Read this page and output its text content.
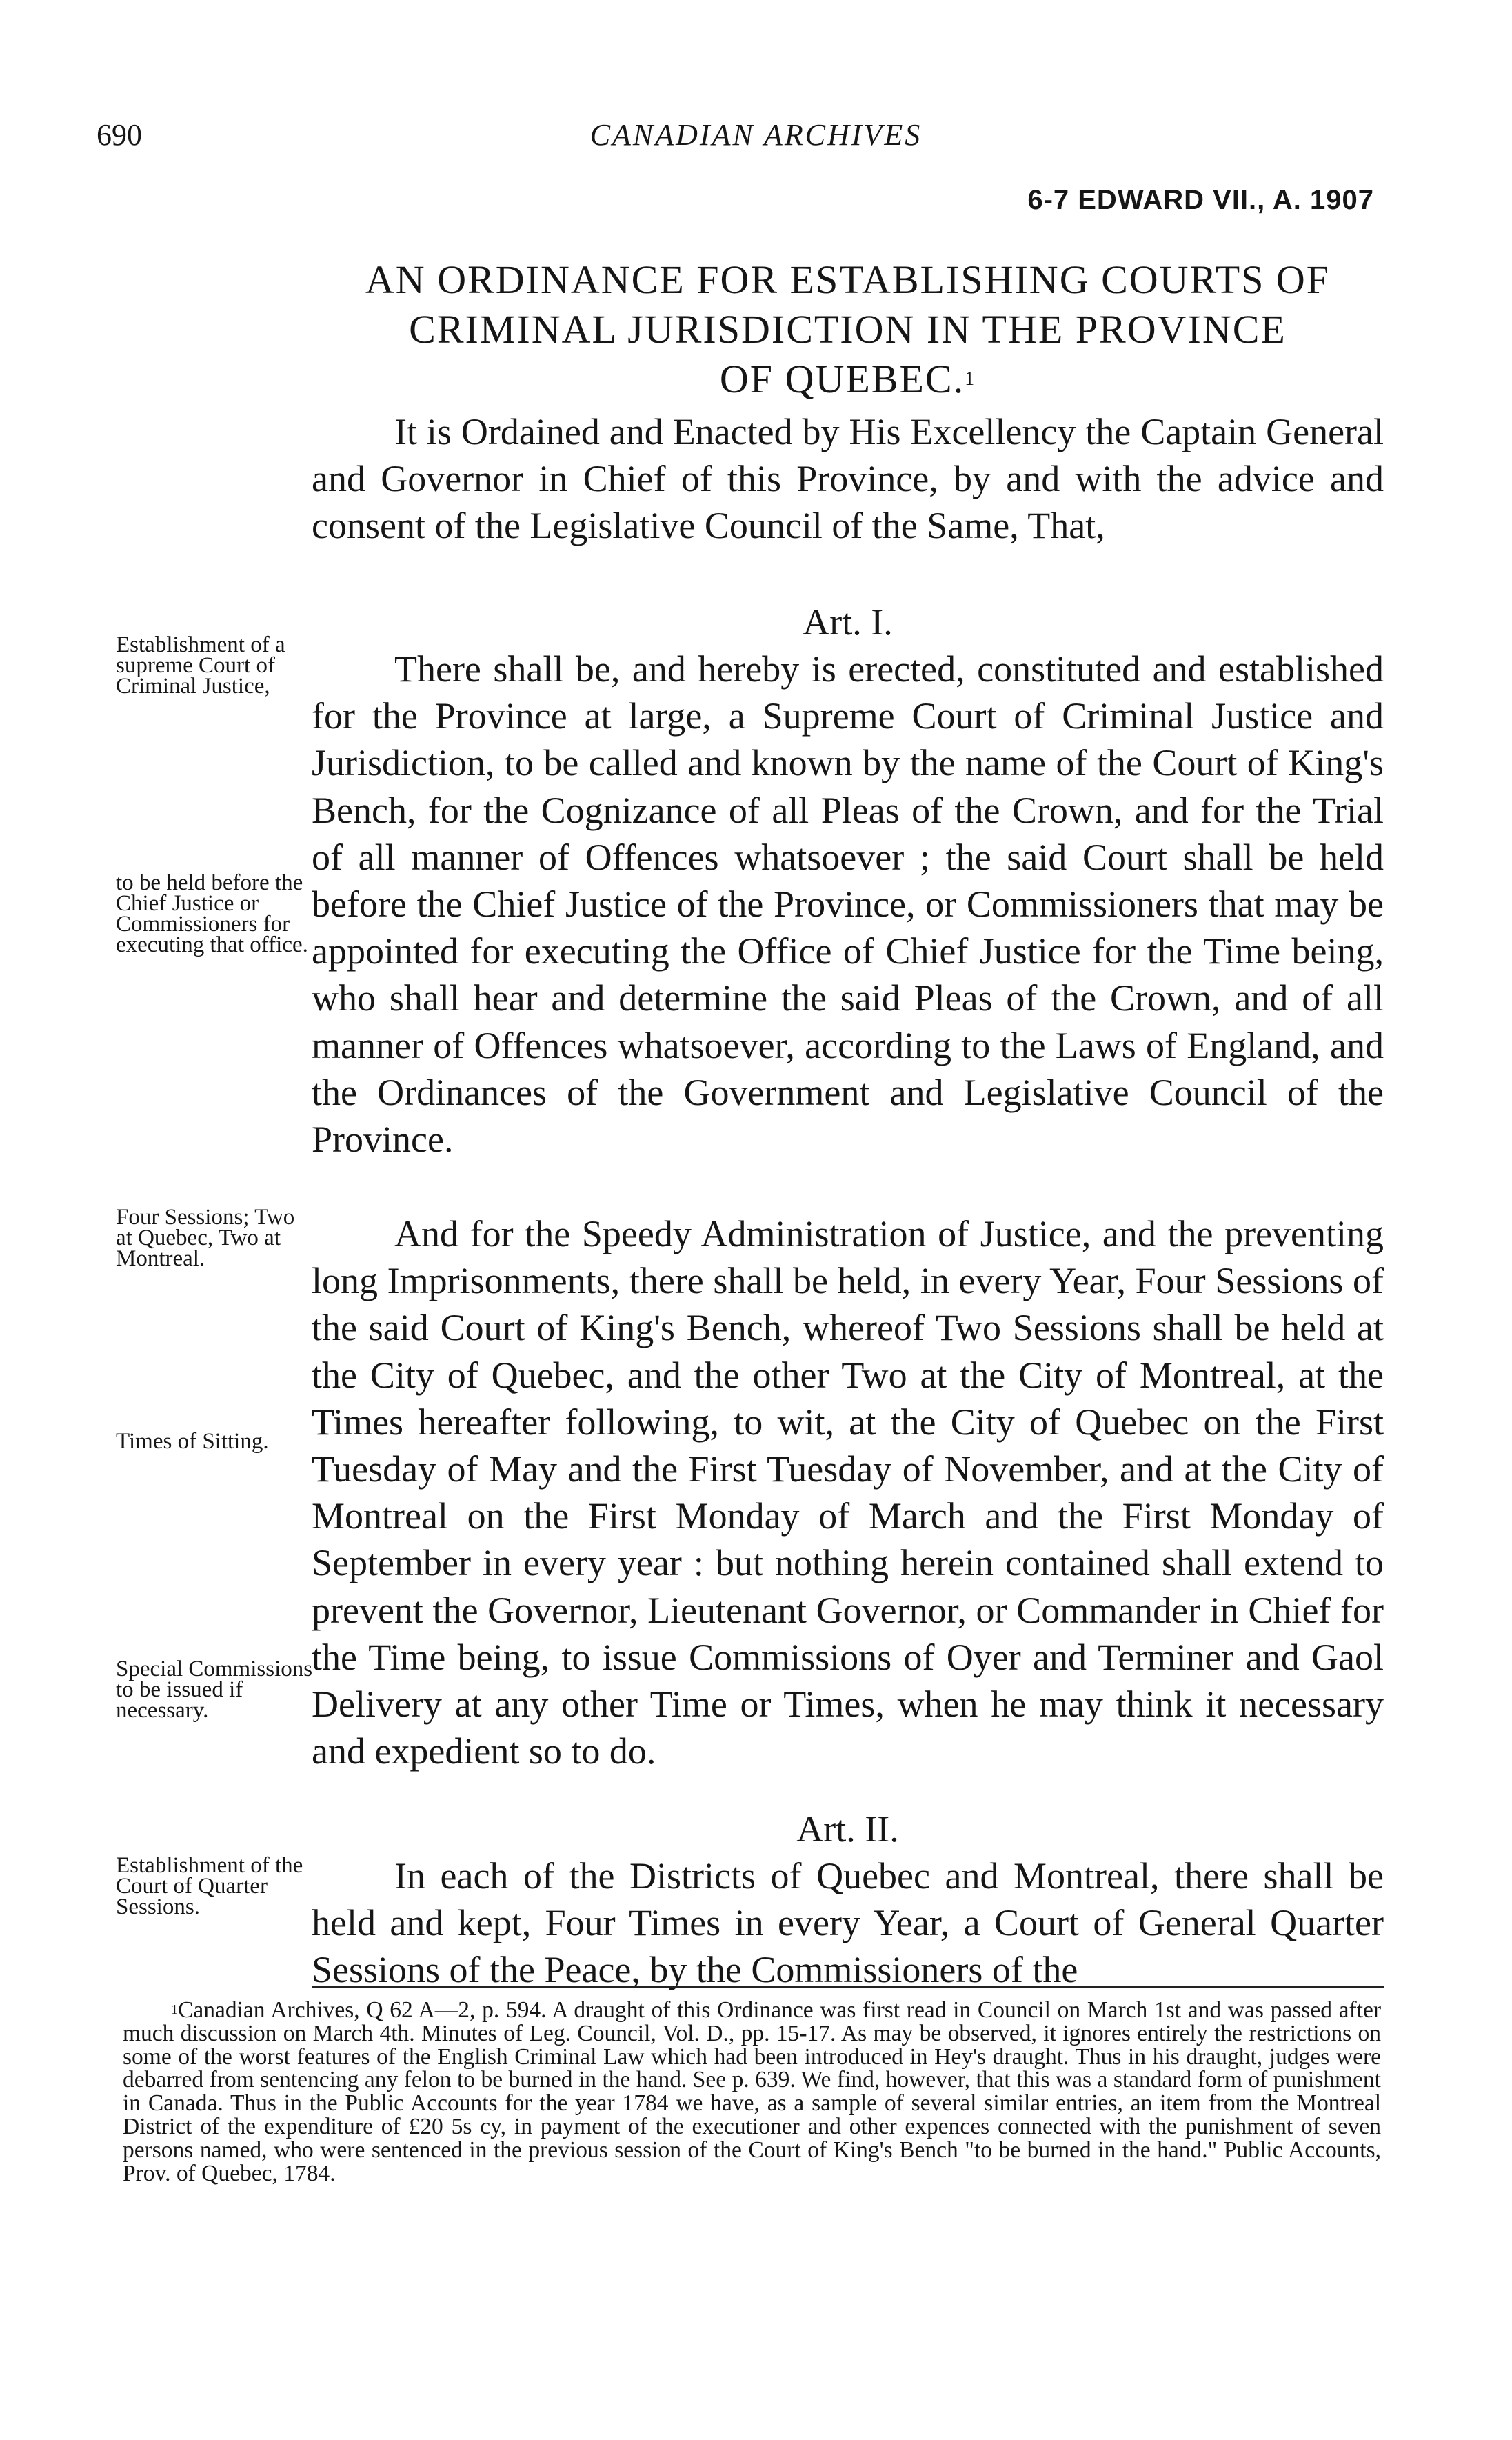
690	CANADIAN ARCHIVES
6-7 EDWARD VII., A. 1907
AN ORDINANCE FOR ESTABLISHING COURTS OF
CRIMINAL JURISDICTION IN THE PROVINCE
OF QUEBEC.$^1$

It is Ordained and Enacted by His Excellency the Captain General and Governor in Chief of this Province, by and with the advice and consent of the Legislative Council of the Same, That,

Art. I.

There shall be, and hereby is erected, constituted and established for the Province at large, a Supreme Court of Criminal Justice and Jurisdiction, to be called and known by the name of the Court of King's Bench, for the Cognizance of all Pleas of the Crown, and for the Trial of all manner of Offences whatsoever ; the said Court shall be held before the Chief Justice of the Province, or Commissioners that may be appointed for executing the Office of Chief Justice for the Time being, who shall hear and determine the said Pleas of the Crown, and of all manner of Offences whatsoever, according to the Laws of England, and the Ordinances of the Government and Legislative Council of the Province.

And for the Speedy Administration of Justice, and the preventing long Imprisonments, there shall be held, in every Year, Four Sessions of the said Court of King's Bench, whereof Two Sessions shall be held at the City of Quebec, and the other Two at the City of Montreal, at the Times hereafter following, to wit, at the City of Quebec on the First Tuesday of May and the First Tuesday of November, and at the City of Montreal on the First Monday of March and the First Monday of September in every year : but nothing herein contained shall extend to prevent the Governor, Lieutenant Governor, or Commander in Chief for the Time being, to issue Commissions of Oyer and Terminer and Gaol Delivery at any other Time or Times, when he may think it necessary and expedient so to do.

Art. II.

In each of the Districts of Quebec and Montreal, there shall be held and kept, Four Times in every Year, a Court of General Quarter Sessions of the Peace, by the Commissioners of the

Establishment of a supreme Court of Criminal Justice,
to be held before the Chief Justice or Commissioners for executing that office.
Four Sessions; Two at Quebec, Two at Montreal.
Times of Sitting.
Special Commissions to be issued if necessary.
Establishment of the Court of Quarter Sessions.

$^1$Canadian Archives, Q 62 A—2, p. 594. A draught of this Ordinance was first read in Council on March 1st and was passed after much discussion on March 4th. Minutes of Leg. Council, Vol. D., pp. 15-17. As may be observed, it ignores entirely the restrictions on some of the worst features of the English Criminal Law which had been introduced in Hey's draught. Thus in his draught, judges were debarred from sentencing any felon to be burned in the hand. See p. 639. We find, however, that this was a standard form of punishment in Canada. Thus in the Public Accounts for the year 1784 we have, as a sample of several similar entries, an item from the Montreal District of the expenditure of £20 5s cy, in payment of the executioner and other expences connected with the punishment of seven persons named, who were sentenced in the previous session of the Court of King's Bench "to be burned in the hand." Public Accounts, Prov. of Quebec, 1784.
